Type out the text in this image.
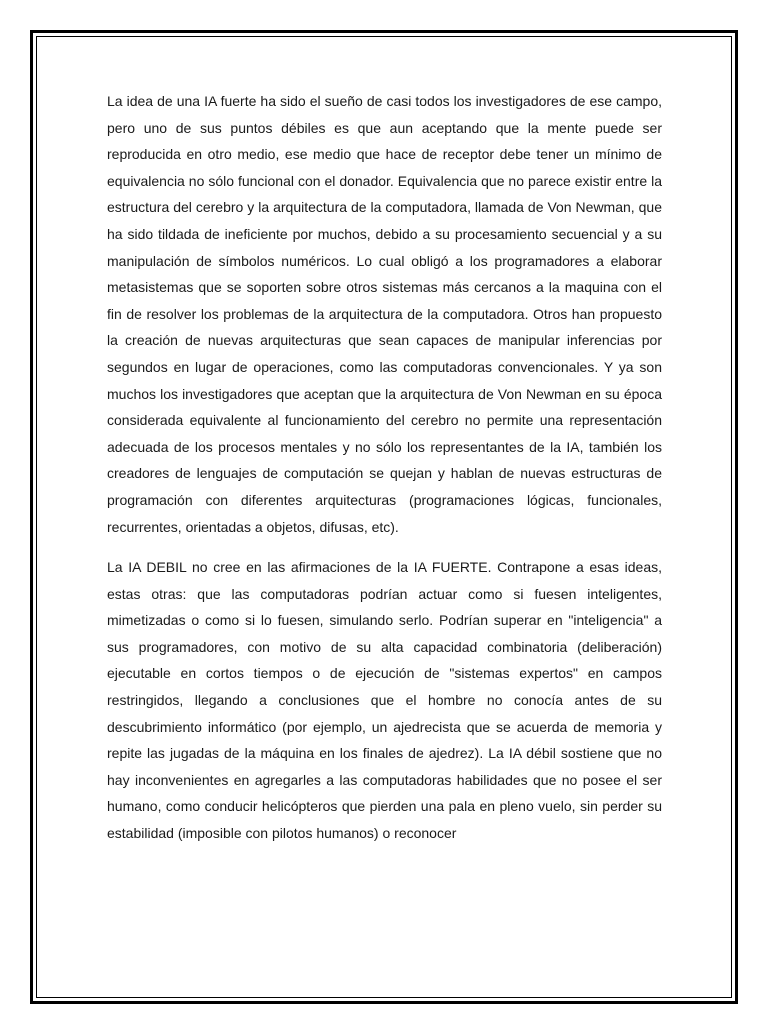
La idea de una IA fuerte ha sido el sueño de casi todos los investigadores de ese campo, pero uno de sus puntos débiles es que aun aceptando que la mente puede ser reproducida en otro medio, ese medio que hace de receptor debe tener un mínimo de equivalencia no sólo funcional con el donador. Equivalencia que no parece existir entre la estructura del cerebro y la arquitectura de la computadora, llamada de Von Newman, que ha sido tildada de ineficiente por muchos, debido a su procesamiento secuencial y a su manipulación de símbolos numéricos. Lo cual obligó a los programadores a elaborar metasistemas que se soporten sobre otros sistemas más cercanos a la maquina con el fin de resolver los problemas de la arquitectura de la computadora. Otros han propuesto la creación de nuevas arquitecturas que sean capaces de manipular inferencias por segundos en lugar de operaciones, como las computadoras convencionales. Y ya son muchos los investigadores que aceptan que la arquitectura de Von Newman en su época considerada equivalente al funcionamiento del cerebro no permite una representación adecuada de los procesos mentales y no sólo los representantes de la IA, también los creadores de lenguajes de computación se quejan y hablan de nuevas estructuras de programación con diferentes arquitecturas (programaciones lógicas, funcionales, recurrentes, orientadas a objetos, difusas, etc).

La IA DEBIL no cree en las afirmaciones de la IA FUERTE. Contrapone a esas ideas, estas otras: que las computadoras podrían actuar como si fuesen inteligentes, mimetizadas o como si lo fuesen, simulando serlo. Podrían superar en "inteligencia" a sus programadores, con motivo de su alta capacidad combinatoria (deliberación) ejecutable en cortos tiempos o de ejecución de "sistemas expertos" en campos restringidos, llegando a conclusiones que el hombre no conocía antes de su descubrimiento informático (por ejemplo, un ajedrecista que se acuerda de memoria y repite las jugadas de la máquina en los finales de ajedrez). La IA débil sostiene que no hay inconvenientes en agregarles a las computadoras habilidades que no posee el ser humano, como conducir helicópteros que pierden una pala en pleno vuelo, sin perder su estabilidad (imposible con pilotos humanos) o reconocer
